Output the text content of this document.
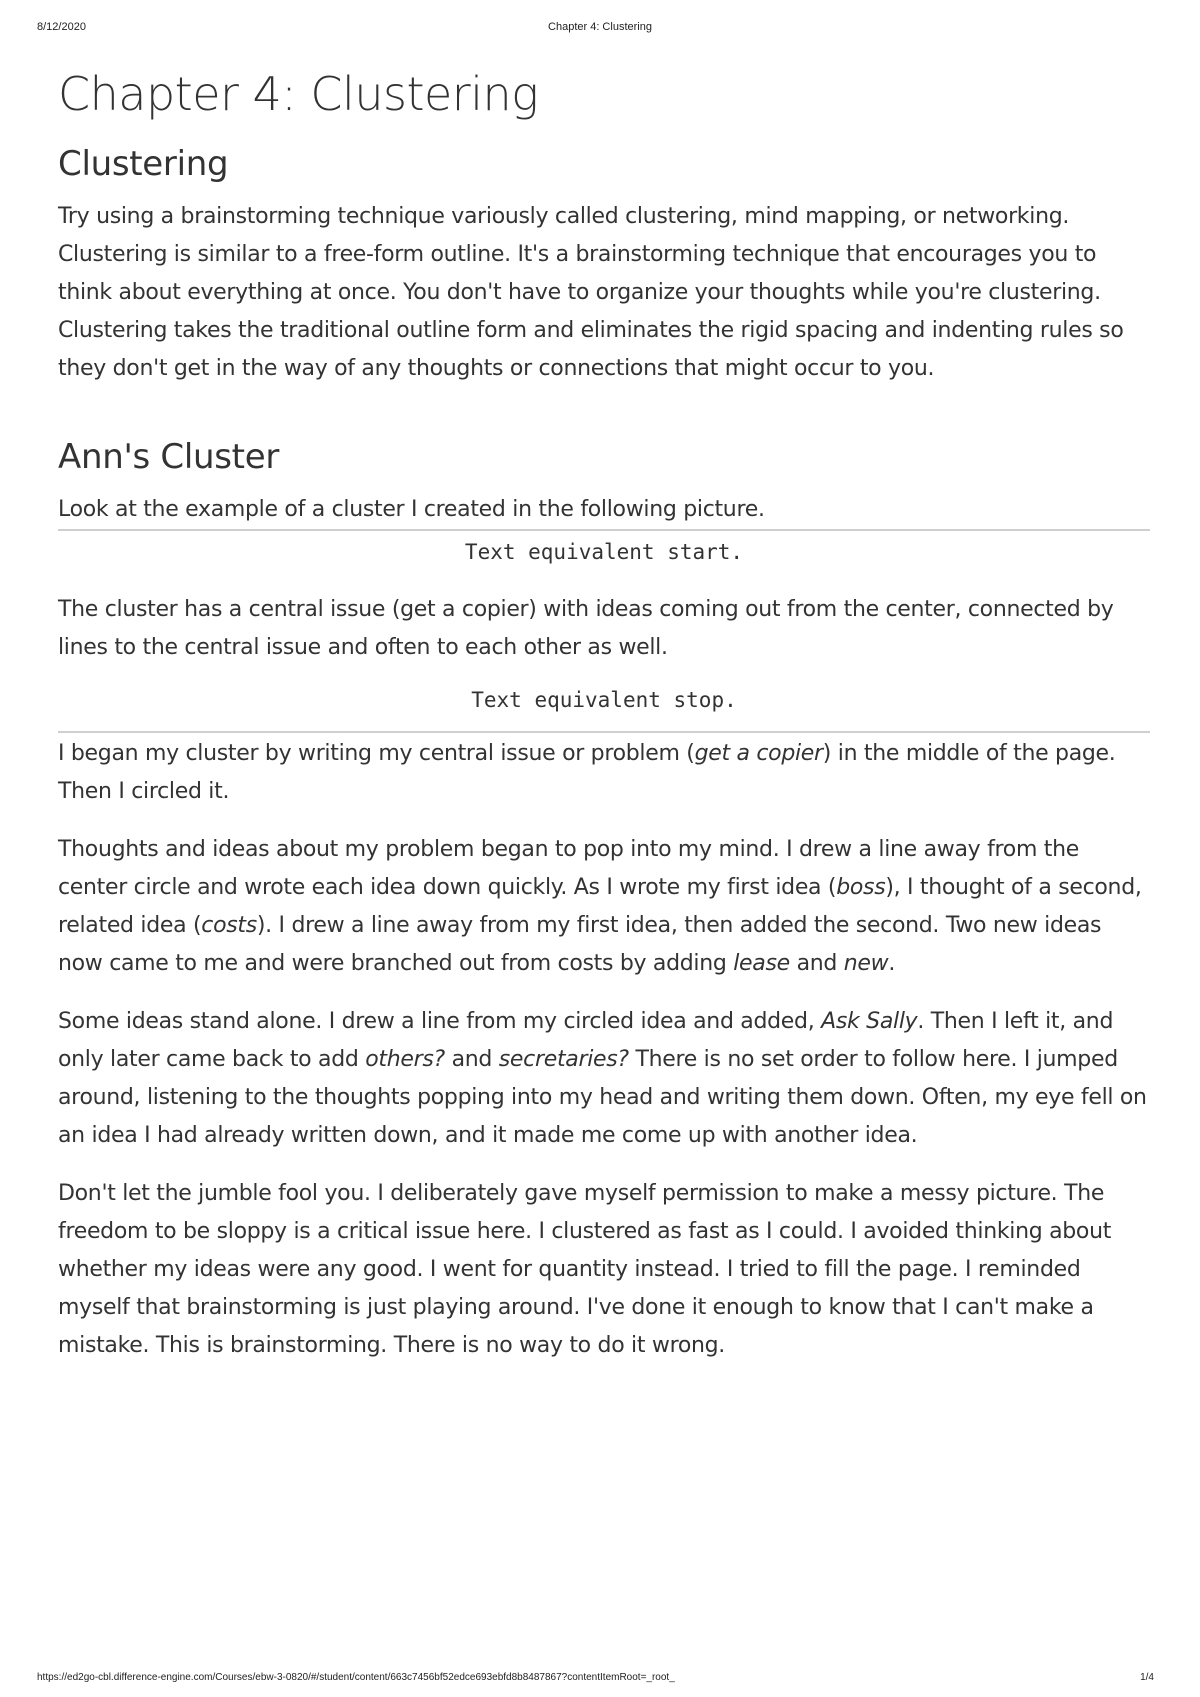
8/12/2020	Chapter 4: Clustering
Chapter 4: Clustering
Clustering

Try using a brainstorming technique variously called clustering, mind mapping, or networking. Clustering is similar to a free-form outline. It's a brainstorming technique that encourages you to think about everything at once. You don't have to organize your thoughts while you're clustering. Clustering takes the traditional outline form and eliminates the rigid spacing and indenting rules so they don't get in the way of any thoughts or connections that might occur to you.

Ann's Cluster

Look at the example of a cluster I created in the following picture.

Text equivalent start.

The cluster has a central issue (get a copier) with ideas coming out from the center, connected by lines to the central issue and often to each other as well.

Text equivalent stop.

I began my cluster by writing my central issue or problem (get a copier) in the middle of the page. Then I circled it.

Thoughts and ideas about my problem began to pop into my mind. I drew a line away from the center circle and wrote each idea down quickly. As I wrote my first idea (boss), I thought of a second, related idea (costs). I drew a line away from my first idea, then added the second. Two new ideas now came to me and were branched out from costs by adding lease and new.

Some ideas stand alone. I drew a line from my circled idea and added, Ask Sally. Then I left it, and only later came back to add others? and secretaries? There is no set order to follow here. I jumped around, listening to the thoughts popping into my head and writing them down. Often, my eye fell on an idea I had already written down, and it made me come up with another idea.

Don't let the jumble fool you. I deliberately gave myself permission to make a messy picture. The freedom to be sloppy is a critical issue here. I clustered as fast as I could. I avoided thinking about whether my ideas were any good. I went for quantity instead. I tried to fill the page. I reminded myself that brainstorming is just playing around. I've done it enough to know that I can't make a mistake. This is brainstorming. There is no way to do it wrong.

https://ed2go-cbl.difference-engine.com/Courses/ebw-3-0820/#/student/content/663c7456bf52edce693ebfd8b8487867?contentItemRoot=_root_	1/4
